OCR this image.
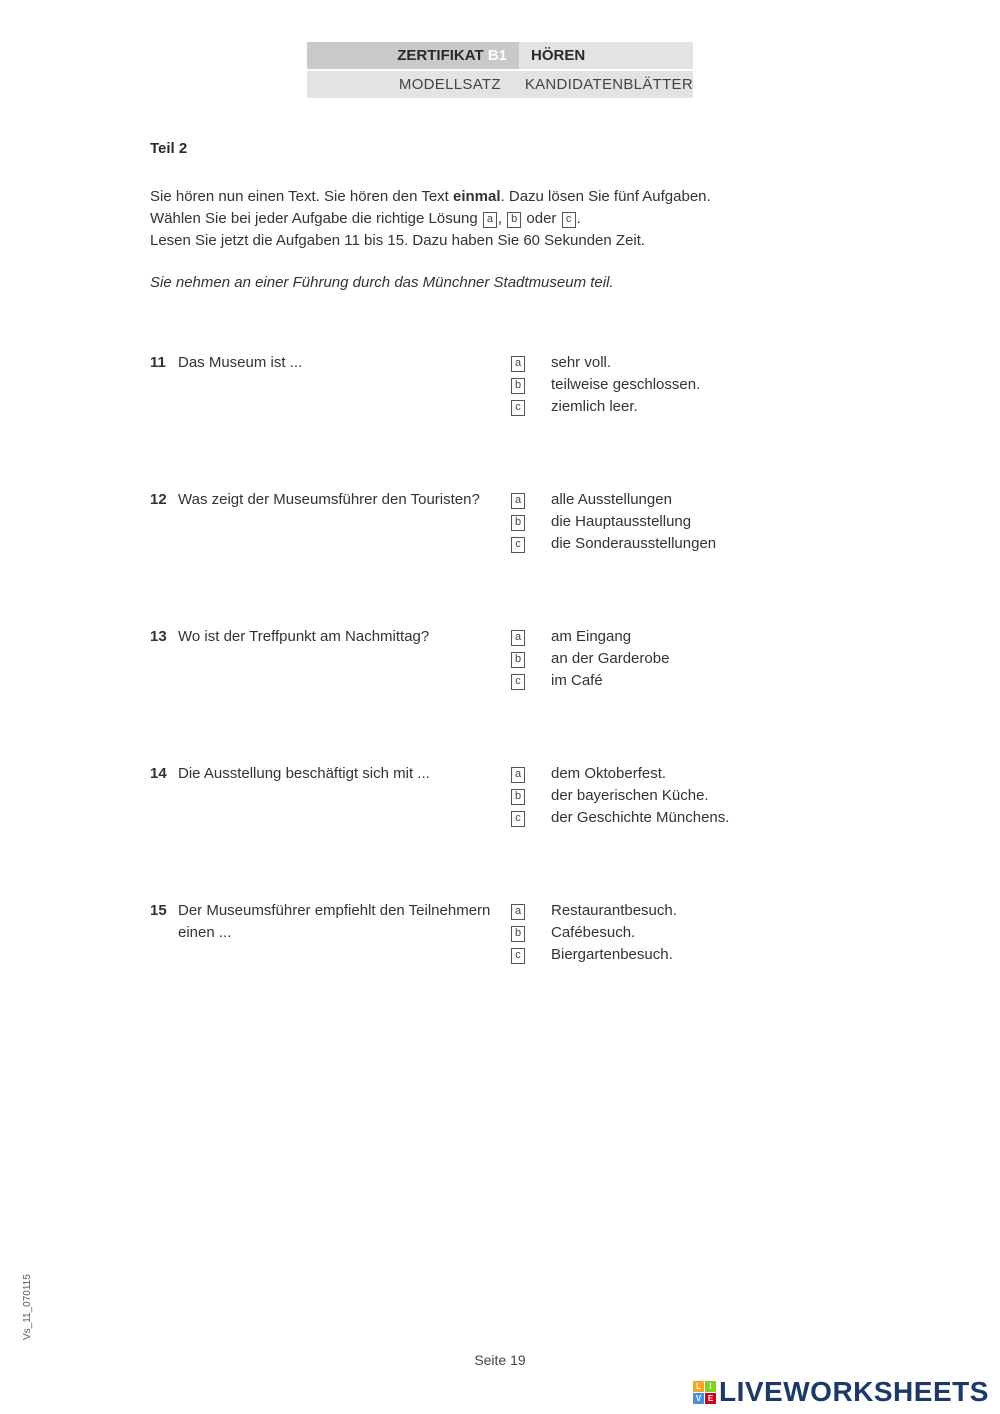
ZERTIFIKAT B1	HÖREN
MODELLSATZ	KANDIDATENBLÄTTER
Teil 2

Sie hören nun einen Text. Sie hören den Text einmal. Dazu lösen Sie fünf Aufgaben.

Wählen Sie bei jeder Aufgabe die richtige Lösung a , b oder c .

Lesen Sie jetzt die Aufgaben 11 bis 15. Dazu haben Sie 60 Sekunden Zeit.

Sie nehmen an einer Führung durch das Münchner Stadtmuseum teil.
11 Das Museum ist ...	a sehr voll.
b teilweise geschlossen.
c ziemlich leer.
12 Was zeigt der Museumsführer den Touristen?	a alle Ausstellungen
b die Hauptausstellung
c die Sonderausstellungen
13 Wo ist der Treffpunkt am Nachmittag?	a am Eingang
b an der Garderobe
c im Café
14 Die Ausstellung beschäftigt sich mit ...	a dem Oktoberfest.
b der bayerischen Küche.
c der Geschichte Münchens.
15 Der Museumsführer empfiehlt den Teilnehmern einen ...
a Restaurantbesuch.
b Cafébesuch.
c Biergartenbesuch.
Vs_11_070115
Seite 19
L	I
V E LIVEWORKSHEETS
